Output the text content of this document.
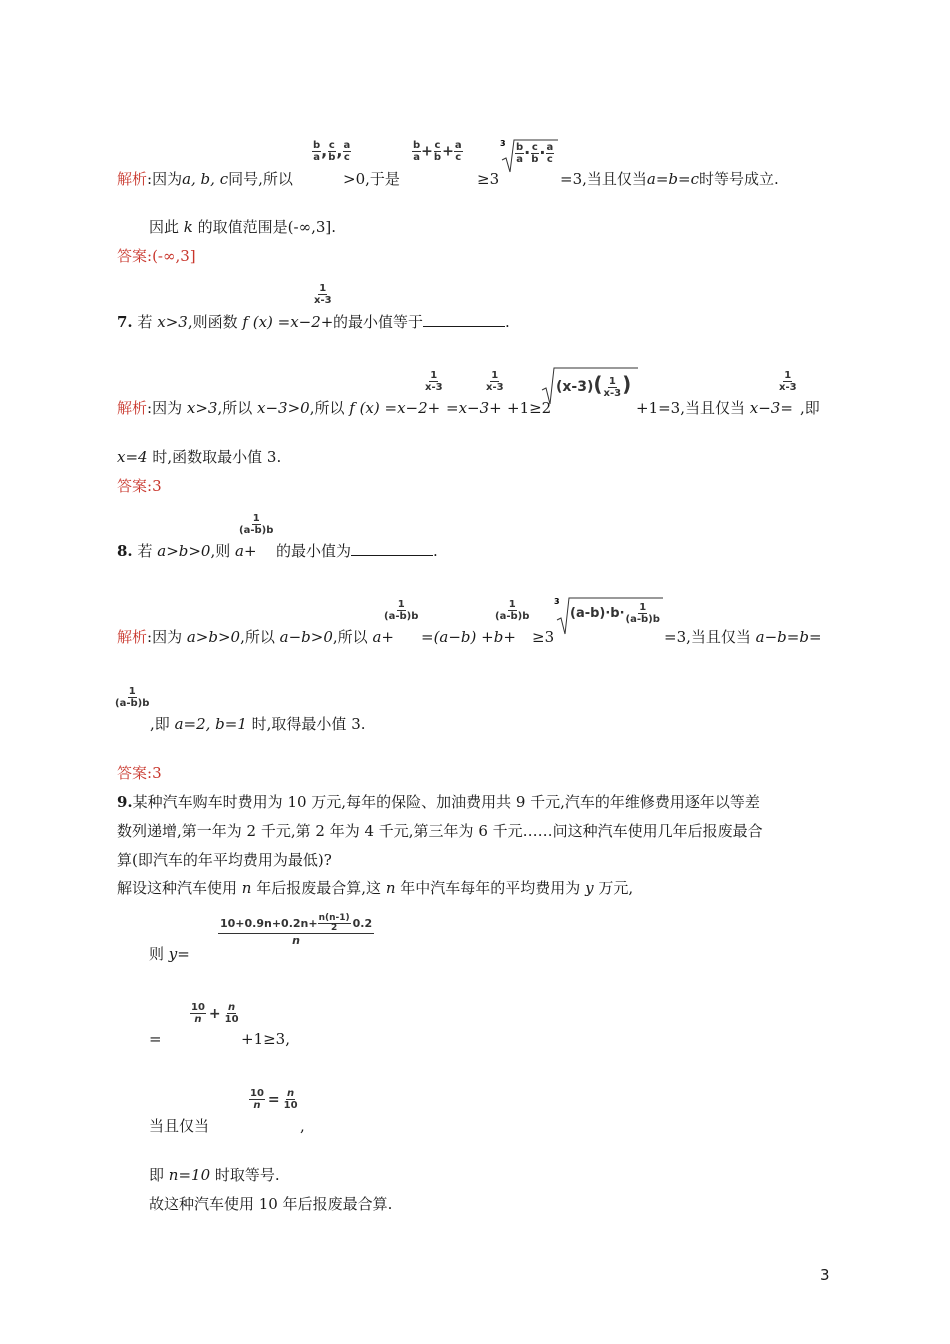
$\frac{b}{a}$ , $\frac{c}{b}$ , $\frac{a}{c}$	$\frac{b}{a} + \frac{c}{b} + \frac{a}{c}$	$3 \frac{b}{a} \cdot \frac{c}{b} \cdot \frac{a}{c}$
解析:因为a, b, c同号,所以	>0,于是	≥3	=3,当且仅当a=b=c时等号成立.
因此 k 的取值范围是(-∞,3].
答案:(-∞,3]
$\frac{1}{x-3}$
7. 若 x>3,则函数 f (x) =x−2+ 的最小值等于	.
$\frac{1}{x-3}$	$\frac{1}{x-3}$	$(x-3)( \frac{1}{x-3}$ )	$\frac{1}{x-3}$
解析:因为 x>3,所以 x−3>0,所以 f (x) =x−2+ =x−3+ +1≥2	+1=3,当且仅当 x−3= ,即
x=4 时,函数取最小值 3.
答案:3
$\frac{1}{(a-b)b}$
8. 若 a>b>0,则 a+ 的最小值为	.
$\frac{1}{(a-b)b}$	$\frac{1}{(a-b)b}$	3
$(a-b)\cdot b\cdot \frac{1}{(a-b)b}$
解析:因为 a>b>0,所以 a−b>0,所以 a+ =(a−b) +b+ ≥3	=3,当且仅当 a−b=b=
$\frac{1}{(a-b)b}$
,即 a=2, b=1 时,取得最小值 3.
答案:3
9.某种汽车购车时费用为 10 万元,每年的保险、加油费用共 9 千元,汽车的年维修费用逐年以等差
数列递增,第一年为 2 千元,第 2 年为 4 千元,第三年为 6 千元……问这种汽车使用几年后报废最合
算(即汽车的年平均费用为最低)?
解设这种汽车使用 n 年后报废最合算,这 n 年中汽车每年的平均费用为 y 万元,
$10+0.9n+0.2n+ \frac{n(n-1)}{2} 0.2$
n
则 y=
$\frac{10}{n} + \frac{n}{10}$
=	+1≥3,
$\frac{10}{n} = \frac{n}{10}$
当且仅当	,
即 n=10 时取等号.
故这种汽车使用 10 年后报废最合算.
3
